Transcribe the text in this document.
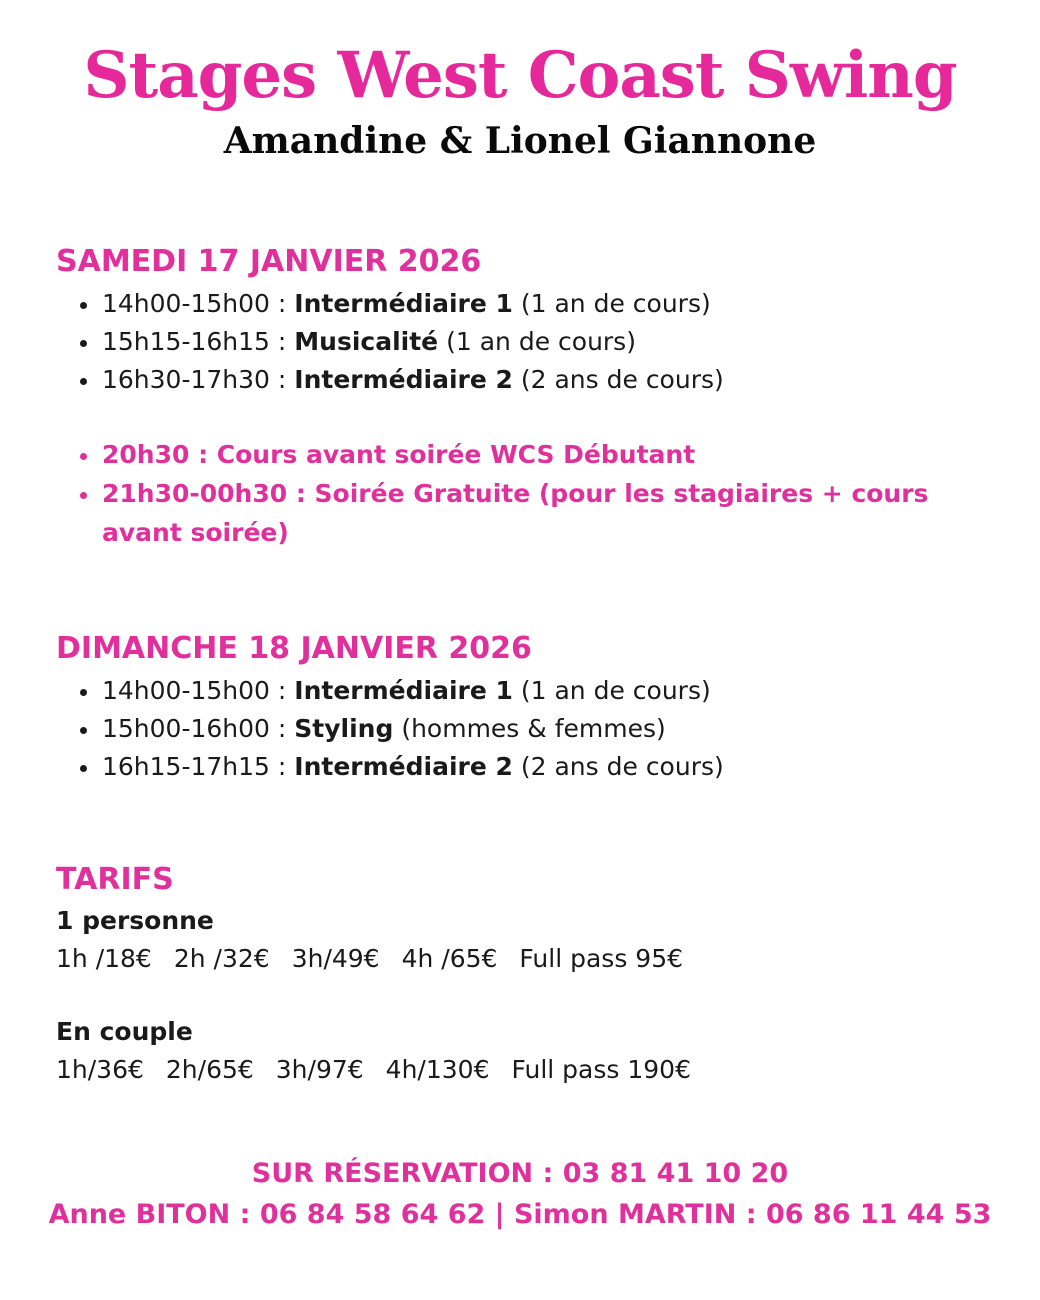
Stages West Coast Swing
Amandine & Lionel Giannone
SAMEDI 17 JANVIER 2026
14h00-15h00 : Intermédiaire 1 (1 an de cours)
15h15-16h15 : Musicalité (1 an de cours)
16h30-17h30 : Intermédiaire 2 (2 ans de cours)
20h30 : Cours avant soirée WCS Débutant
21h30-00h30 : Soirée Gratuite (pour les stagiaires + cours avant soirée)
DIMANCHE 18 JANVIER 2026
14h00-15h00 : Intermédiaire 1 (1 an de cours)
15h00-16h00 : Styling (hommes & femmes)
16h15-17h15 : Intermédiaire 2 (2 ans de cours)
TARIFS

1 personne

1h /18€ 2h /32€ 3h/49€ 4h /65€ Full pass 95€

En couple

1h/36€ 2h/65€ 3h/97€ 4h/130€ Full pass 190€

SUR RÉSERVATION : 03 81 41 10 20

Anne BITON : 06 84 58 64 62 | Simon MARTIN : 06 86 11 44 53
